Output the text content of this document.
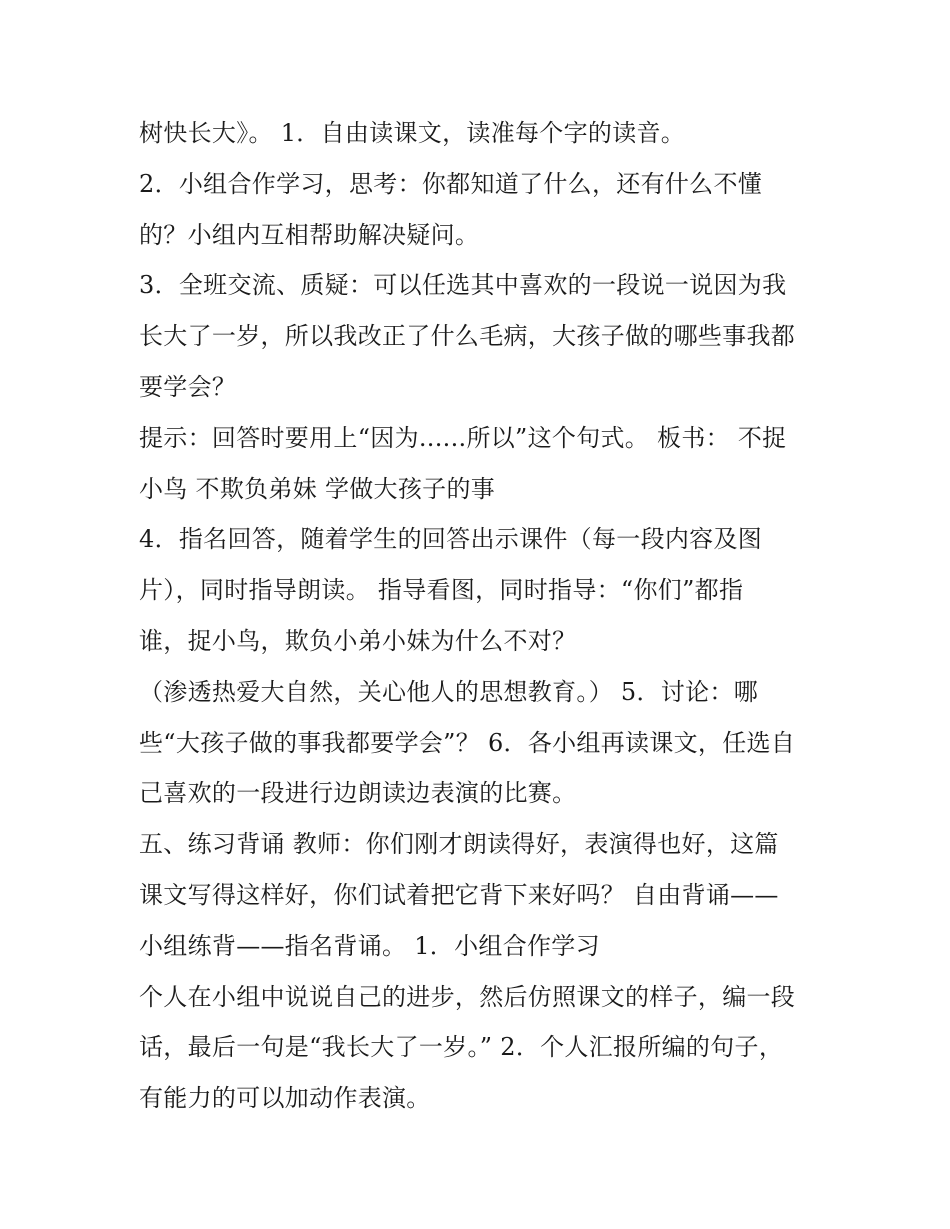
树快长大》。 1．自由读课文，读准每个字的读音。
2．小组合作学习，思考：你都知道了什么，还有什么不懂
的？小组内互相帮助解决疑问。
3．全班交流、质疑：可以任选其中喜欢的一段说一说因为我
长大了一岁，所以我改正了什么毛病，大孩子做的哪些事我都
要学会？
提示：回答时要用上“因为......所以”这个句式。 板书： 不捉
小鸟 不欺负弟妹 学做大孩子的事
4．指名回答，随着学生的回答出示课件（每一段内容及图
片），同时指导朗读。 指导看图，同时指导：“你们”都指
谁，捉小鸟，欺负小弟小妹为什么不对？
（渗透热爱大自然，关心他人的思想教育。） 5．讨论：哪
些“大孩子做的事我都要学会”？ 6．各小组再读课文，任选自
己喜欢的一段进行边朗读边表演的比赛。
五、练习背诵 教师：你们刚才朗读得好，表演得也好，这篇
课文写得这样好，你们试着把它背下来好吗？ 自由背诵——
小组练背——指名背诵。 1．小组合作学习
个人在小组中说说自己的进步，然后仿照课文的样子，编一段
话，最后一句是“我长大了一岁。” 2．个人汇报所编的句子，
有能力的可以加动作表演。
